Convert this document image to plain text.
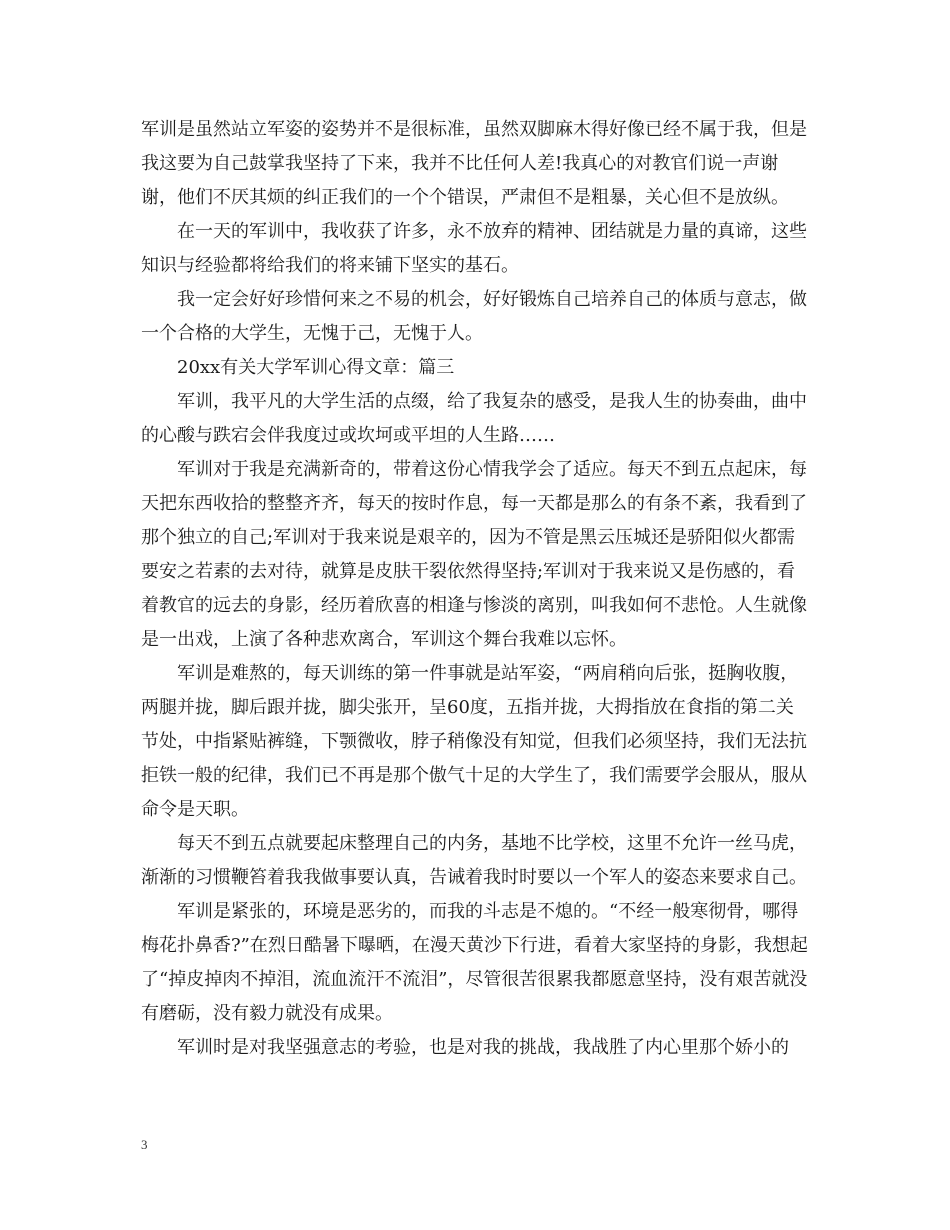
军训是虽然站立军姿的姿势并不是很标准，虽然双脚麻木得好像已经不属于我，但是我这要为自己鼓掌我坚持了下来，我并不比任何人差!我真心的对教官们说一声谢谢，他们不厌其烦的纠正我们的一个个错误，严肃但不是粗暴，关心但不是放纵。

在一天的军训中，我收获了许多，永不放弃的精神、团结就是力量的真谛，这些知识与经验都将给我们的将来铺下坚实的基石。

我一定会好好珍惜何来之不易的机会，好好锻炼自己培养自己的体质与意志，做一个合格的大学生，无愧于己，无愧于人。

20xx有关大学军训心得文章：篇三

军训，我平凡的大学生活的点缀，给了我复杂的感受，是我人生的协奏曲，曲中的心酸与跌宕会伴我度过或坎坷或平坦的人生路……

军训对于我是充满新奇的，带着这份心情我学会了适应。每天不到五点起床，每天把东西收拾的整整齐齐，每天的按时作息，每一天都是那么的有条不紊，我看到了那个独立的自己;军训对于我来说是艰辛的，因为不管是黑云压城还是骄阳似火都需要安之若素的去对待，就算是皮肤干裂依然得坚持;军训对于我来说又是伤感的，看着教官的远去的身影，经历着欣喜的相逢与惨淡的离别，叫我如何不悲怆。人生就像是一出戏，上演了各种悲欢离合，军训这个舞台我难以忘怀。

军训是难熬的，每天训练的第一件事就是站军姿，“两肩稍向后张，挺胸收腹，两腿并拢，脚后跟并拢，脚尖张开，呈60度，五指并拢，大拇指放在食指的第二关节处，中指紧贴裤缝，下颚微收，脖子稍像没有知觉，但我们必须坚持，我们无法抗拒铁一般的纪律，我们已不再是那个傲气十足的大学生了，我们需要学会服从，服从命令是天职。

每天不到五点就要起床整理自己的内务，基地不比学校，这里不允许一丝马虎，渐渐的习惯鞭笞着我我做事要认真，告诫着我时时要以一个军人的姿态来要求自己。

军训是紧张的，环境是恶劣的，而我的斗志是不熄的。“不经一般寒彻骨，哪得梅花扑鼻香?”在烈日酷暑下曝晒，在漫天黄沙下行进，看着大家坚持的身影，我想起了“掉皮掉肉不掉泪，流血流汗不流泪”，尽管很苦很累我都愿意坚持，没有艰苦就没有磨砺，没有毅力就没有成果。

军训时是对我坚强意志的考验，也是对我的挑战，我战胜了内心里那个娇小的

3
